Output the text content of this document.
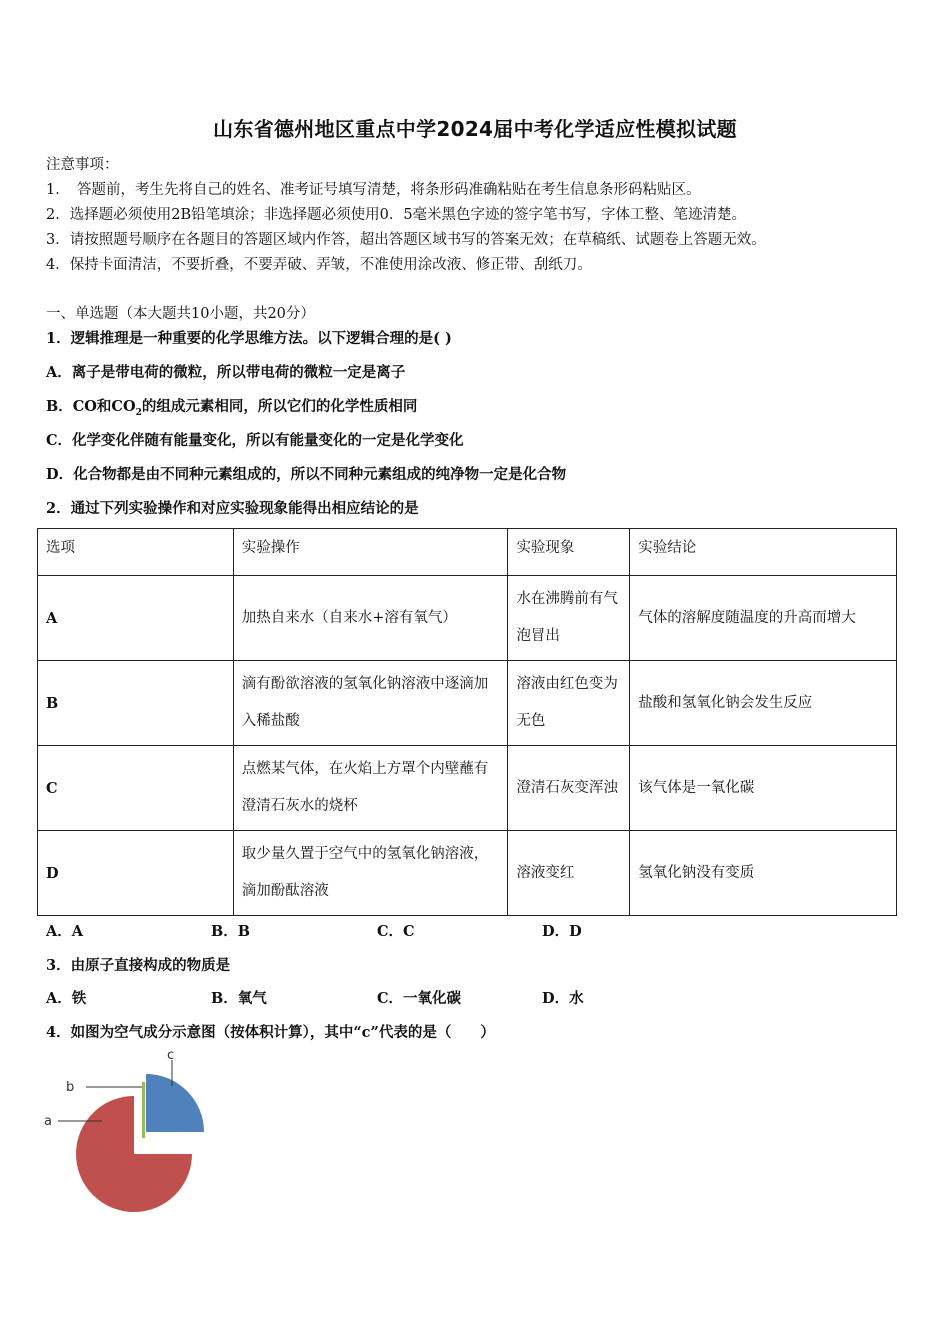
山东省德州地区重点中学2024届中考化学适应性模拟试题
注意事项：
1．　答题前，考生先将自己的姓名、准考证号填写清楚，将条形码准确粘贴在考生信息条形码粘贴区。
2．选择题必须使用2B铅笔填涂；非选择题必须使用0．5毫米黑色字迹的签字笔书写，字体工整、笔迹清楚。
3．请按照题号顺序在各题目的答题区域内作答，超出答题区域书写的答案无效；在草稿纸、试题卷上答题无效。
4．保持卡面清洁，不要折叠，不要弄破、弄皱，不准使用涂改液、修正带、刮纸刀。
一、单选题（本大题共10小题，共20分）
1．逻辑推理是一种重要的化学思维方法。以下逻辑合理的是( )
A．离子是带电荷的微粒，所以带电荷的微粒一定是离子
B．CO和$CO_2$的组成元素相同，所以它们的化学性质相同
C．化学变化伴随有能量变化，所以有能量变化的一定是化学变化
D．化合物都是由不同种元素组成的，所以不同种元素组成的纯净物一定是化合物
2．通过下列实验操作和对应实验现象能得出相应结论的是
选项	实验操作	实验现象	实验结论
A	加热自来水（自来水+溶有氧气）	水在沸腾前有气泡冒出	气体的溶解度随温度的升高而增大
B	滴有酚欲溶液的氢氧化钠溶液中逐滴加入稀盐酸	溶液由红色变为无色	盐酸和氢氧化钠会发生反应
C	点燃某气体，在火焰上方罩个内壁蘸有澄清石灰水的烧杯	澄清石灰变浑浊	该气体是一氧化碳
D	取少量久置于空气中的氢氧化钠溶液，滴加酚酞溶液	溶液变红	氢氧化钠没有变质
A．A	B．B	C．C	D．D
3．由原子直接构成的物质是
A．铁	B．氧气	C．一氧化碳	D．水
4．如图为空气成分示意图（按体积计算），其中“c”代表的是（　　）
a
b
c
